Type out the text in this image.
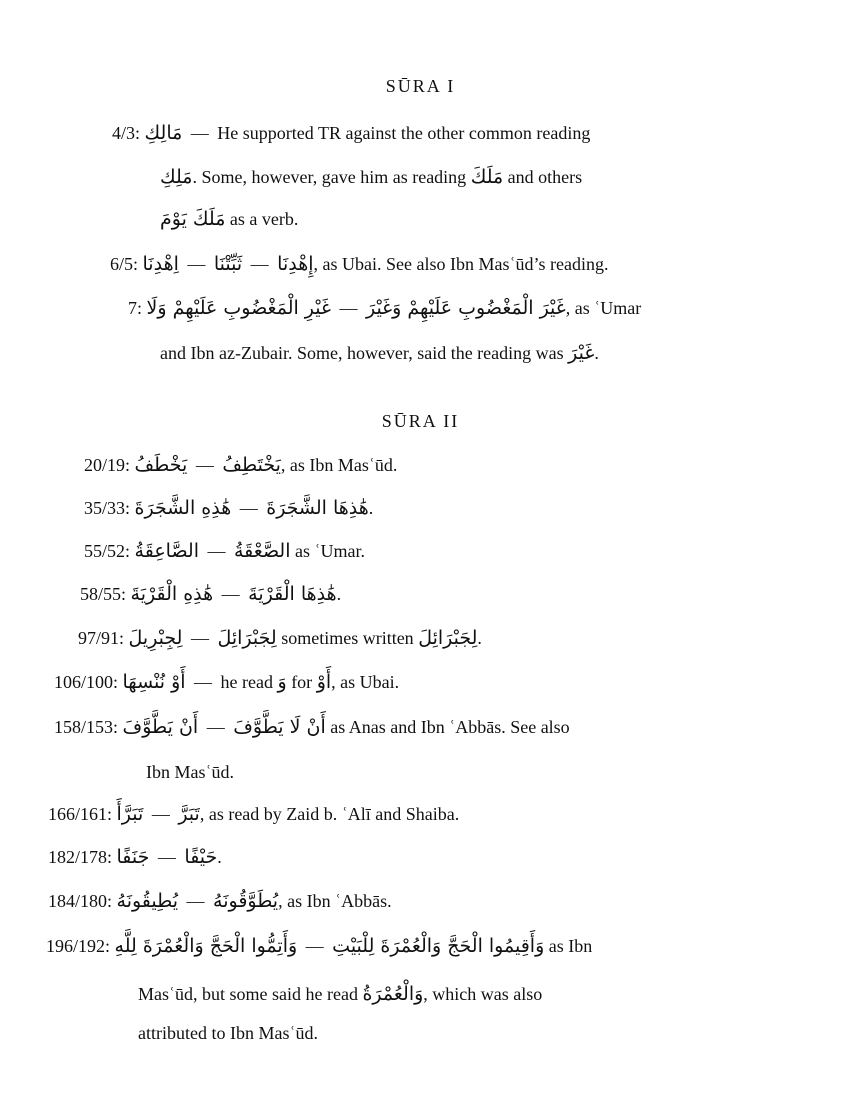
SŪRA I
4/3: مَالِكِ — He supported TR against the other common reading
مَلِكِ. Some, however, gave him as reading مَلَكَ and others
مَلَكَ يَوْمَ as a verb.
6/5: اِهْدِنَا — ثَبِّتْنَا — إِهْدِنَا, as Ubai. See also Ibn Masʿūd’s reading.
7: غَيْرِ الْمَغْضُوبِ عَلَيْهِمْ وَلَا — غَيْرَ الْمَغْضُوبِ عَلَيْهِمْ وَغَيْرَ, as ʿUmar
and Ibn az-Zubair. Some, however, said the reading was غَيْرَ.
SŪRA II
20/19: يَخْطَفُ — يَخْتَطِفُ, as Ibn Masʿūd.
35/33: هَٰذِهِ الشَّجَرَةَ — هَٰذِهَا الشَّجَرَةَ.
55/52: الصَّاعِقَةُ — الصَّعْقَةُ as ʿUmar.
58/55: هَٰذِهِ الْقَرْيَةَ — هَٰذِهَا الْقَرْيَةَ.
97/91: لِجِبْرِيلَ — لِجَبْرَائِلَ sometimes written لِجَبْرَائِلَ.
106/100: أَوْ نُنْسِهَا — he read وَ for أَوْ, as Ubai.
158/153: أَنْ يَطَّوَّفَ — أَنْ لَا يَطَّوَّفَ as Anas and Ibn ʿAbbās. See also
Ibn Masʿūd.
166/161: تَبَرَّأَ — تَبَرَّ, as read by Zaid b. ʿAlī and Shaiba.
182/178: جَنَفًا — حَيْفًا.
184/180: يُطِيقُونَهُ — يُطَوَّقُونَهُ, as Ibn ʿAbbās.
196/192: وَأَتِمُّوا الْحَجَّ وَالْعُمْرَةَ لِلَّهِ — وَأَقِيمُوا الْحَجَّ وَالْعُمْرَةَ لِلْبَيْتِ as Ibn
Masʿūd, but some said he read وَالْعُمْرَةُ, which was also
attributed to Ibn Masʿūd.
